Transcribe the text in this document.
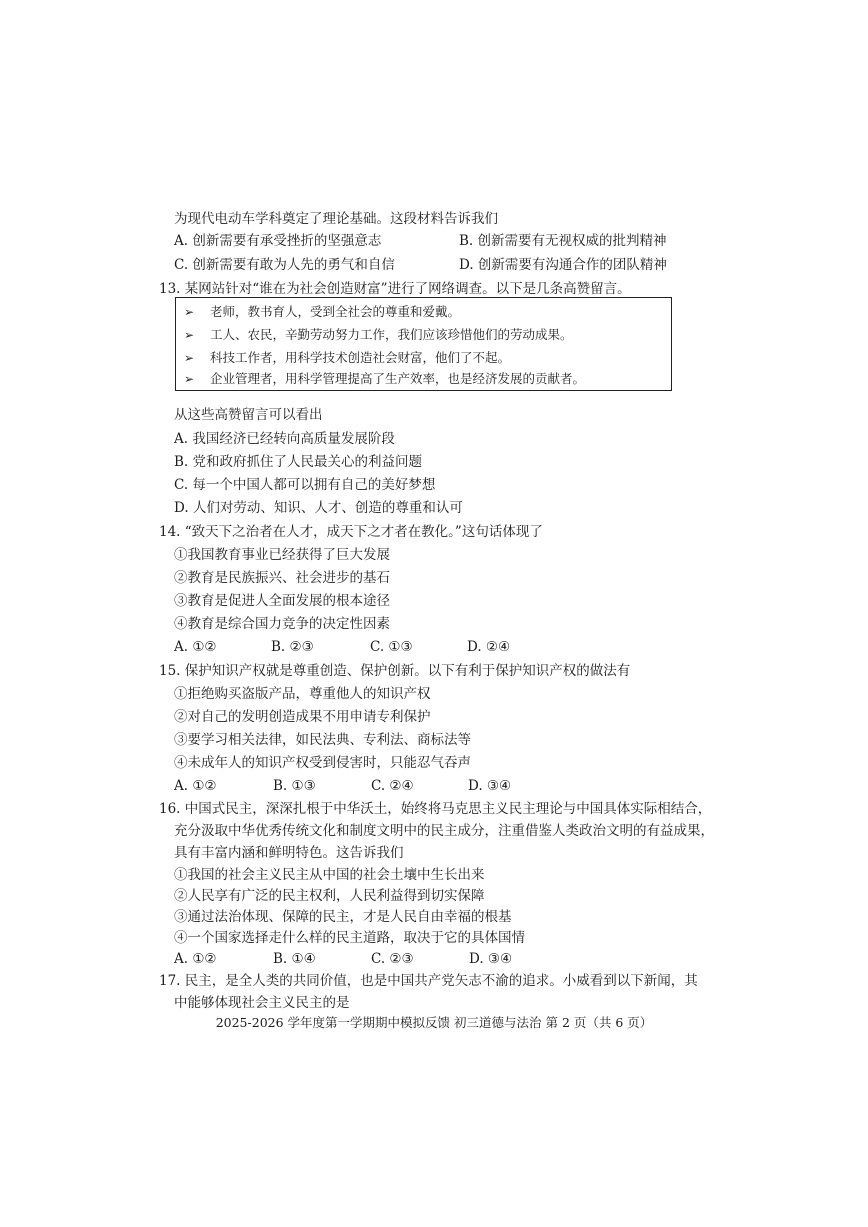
为现代电动车学科奠定了理论基础。这段材料告诉我们
A. 创新需要有承受挫折的坚强意志	B. 创新需要有无视权威的批判精神
C. 创新需要有敢为人先的勇气和自信	D. 创新需要有沟通合作的团队精神
13. 某网站针对“谁在为社会创造财富”进行了网络调查。以下是几条高赞留言。
➢ 老师，教书育人，受到全社会的尊重和爱戴。
➢ 工人、农民，辛勤劳动努力工作，我们应该珍惜他们的劳动成果。
➢ 科技工作者，用科学技术创造社会财富，他们了不起。
➢ 企业管理者，用科学管理提高了生产效率，也是经济发展的贡献者。
从这些高赞留言可以看出
A. 我国经济已经转向高质量发展阶段
B. 党和政府抓住了人民最关心的利益问题
C. 每一个中国人都可以拥有自己的美好梦想
D. 人们对劳动、知识、人才、创造的尊重和认可
14. “致天下之治者在人才，成天下之才者在教化。”这句话体现了
①我国教育事业已经获得了巨大发展
②教育是民族振兴、社会进步的基石
③教育是促进人全面发展的根本途径
④教育是综合国力竞争的决定性因素
A. ①②	B. ②③	C. ①③	D. ②④
15. 保护知识产权就是尊重创造、保护创新。以下有利于保护知识产权的做法有
①拒绝购买盗版产品，尊重他人的知识产权
②对自己的发明创造成果不用申请专利保护
③要学习相关法律，如民法典、专利法、商标法等
④未成年人的知识产权受到侵害时，只能忍气吞声
A. ①②	B. ①③	C. ②④	D. ③④
16. 中国式民主，深深扎根于中华沃土，始终将马克思主义民主理论与中国具体实际相结合，
充分汲取中华优秀传统文化和制度文明中的民主成分，注重借鉴人类政治文明的有益成果，
具有丰富内涵和鲜明特色。这告诉我们
①我国的社会主义民主从中国的社会土壤中生长出来
②人民享有广泛的民主权利，人民利益得到切实保障
③通过法治体现、保障的民主，才是人民自由幸福的根基
④一个国家选择走什么样的民主道路，取决于它的具体国情
A. ①②	B. ①④	C. ②③	D. ③④
17. 民主，是全人类的共同价值，也是中国共产党矢志不渝的追求。小威看到以下新闻，其
中能够体现社会主义民主的是
2025-2026 学年度第一学期期中模拟反馈 初三道德与法治 第 2 页（共 6 页）
